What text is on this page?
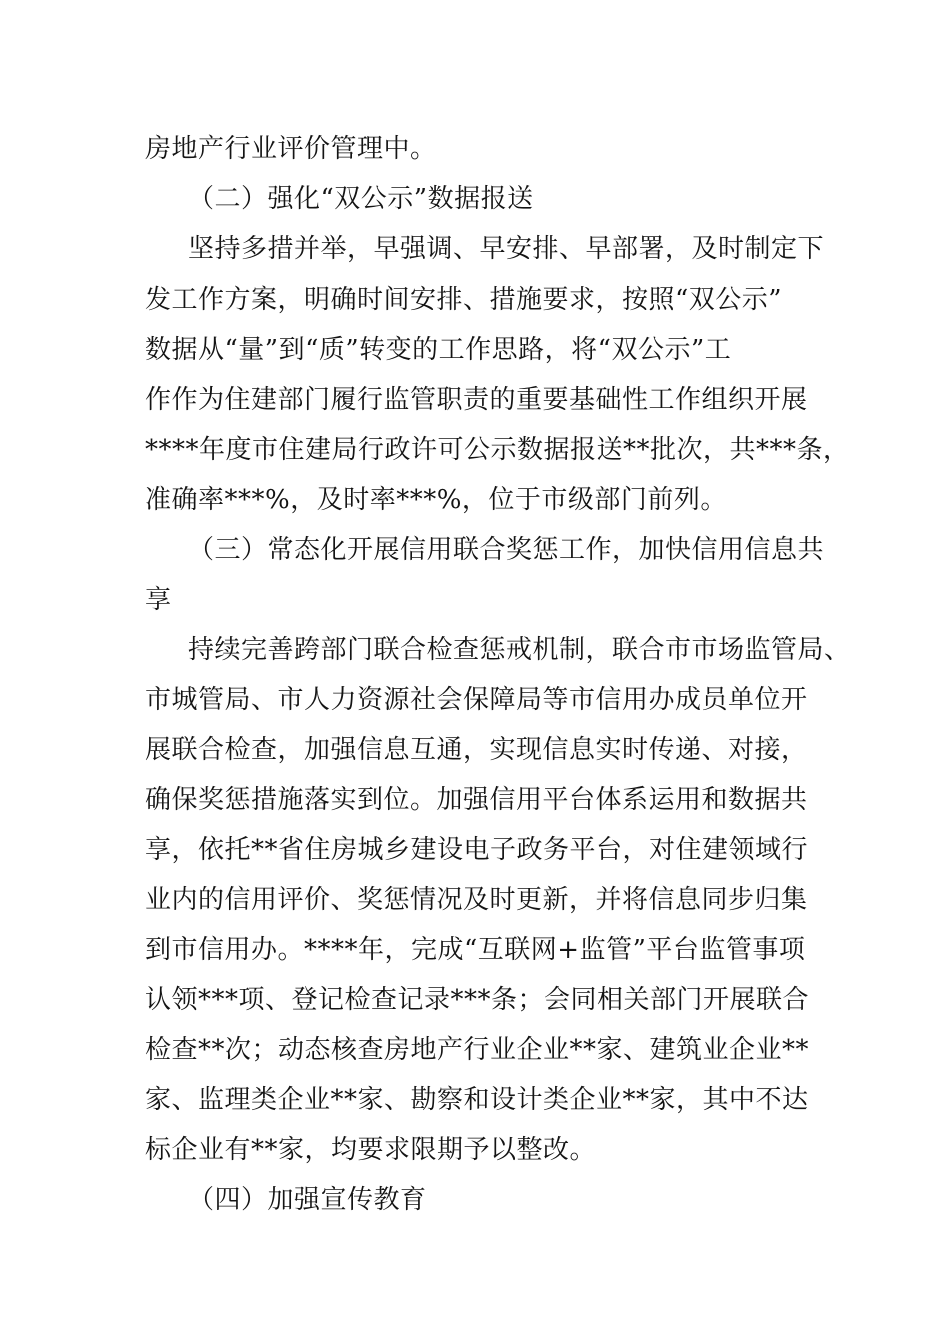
房地产行业评价管理中。
（二）强化“双公示”数据报送
坚持多措并举，早强调、早安排、早部署，及时制定下
发工作方案，明确时间安排、措施要求，按照“双公示”
数据从“量”到“质”转变的工作思路，将“双公示”工
作作为住建部门履行监管职责的重要基础性工作组织开展
****年度市住建局行政许可公示数据报送**批次，共***条，
准确率***%，及时率***%，位于市级部门前列。
（三）常态化开展信用联合奖惩工作，加快信用信息共
享
持续完善跨部门联合检查惩戒机制，联合市市场监管局、
市城管局、市人力资源社会保障局等市信用办成员单位开
展联合检查，加强信息互通，实现信息实时传递、对接，
确保奖惩措施落实到位。加强信用平台体系运用和数据共
享，依托**省住房城乡建设电子政务平台，对住建领域行
业内的信用评价、奖惩情况及时更新，并将信息同步归集
到市信用办。****年，完成“互联网+监管”平台监管事项
认领***项、登记检查记录***条；会同相关部门开展联合
检查**次；动态核查房地产行业企业**家、建筑业企业**
家、监理类企业**家、勘察和设计类企业**家，其中不达
标企业有**家，均要求限期予以整改。
（四）加强宣传教育
